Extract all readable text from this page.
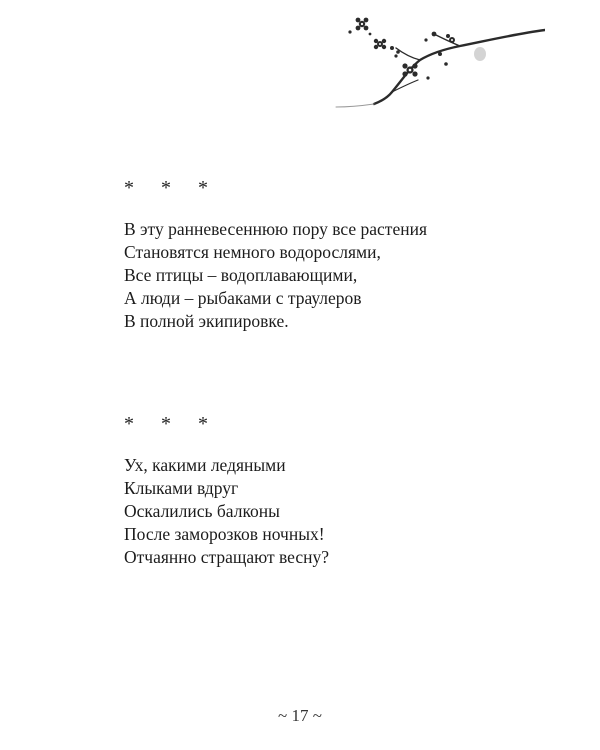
* * *
В эту ранневесеннюю пору все растения
Становятся немного водорослями,
Все птицы – водоплавающими,
А люди – рыбаками с траулеров
В полной экипировке.
* * *
Ух, какими ледяными
Клыками вдруг
Оскалились балконы
После заморозков ночных!
Отчаянно стращают весну?
~ 17 ~
